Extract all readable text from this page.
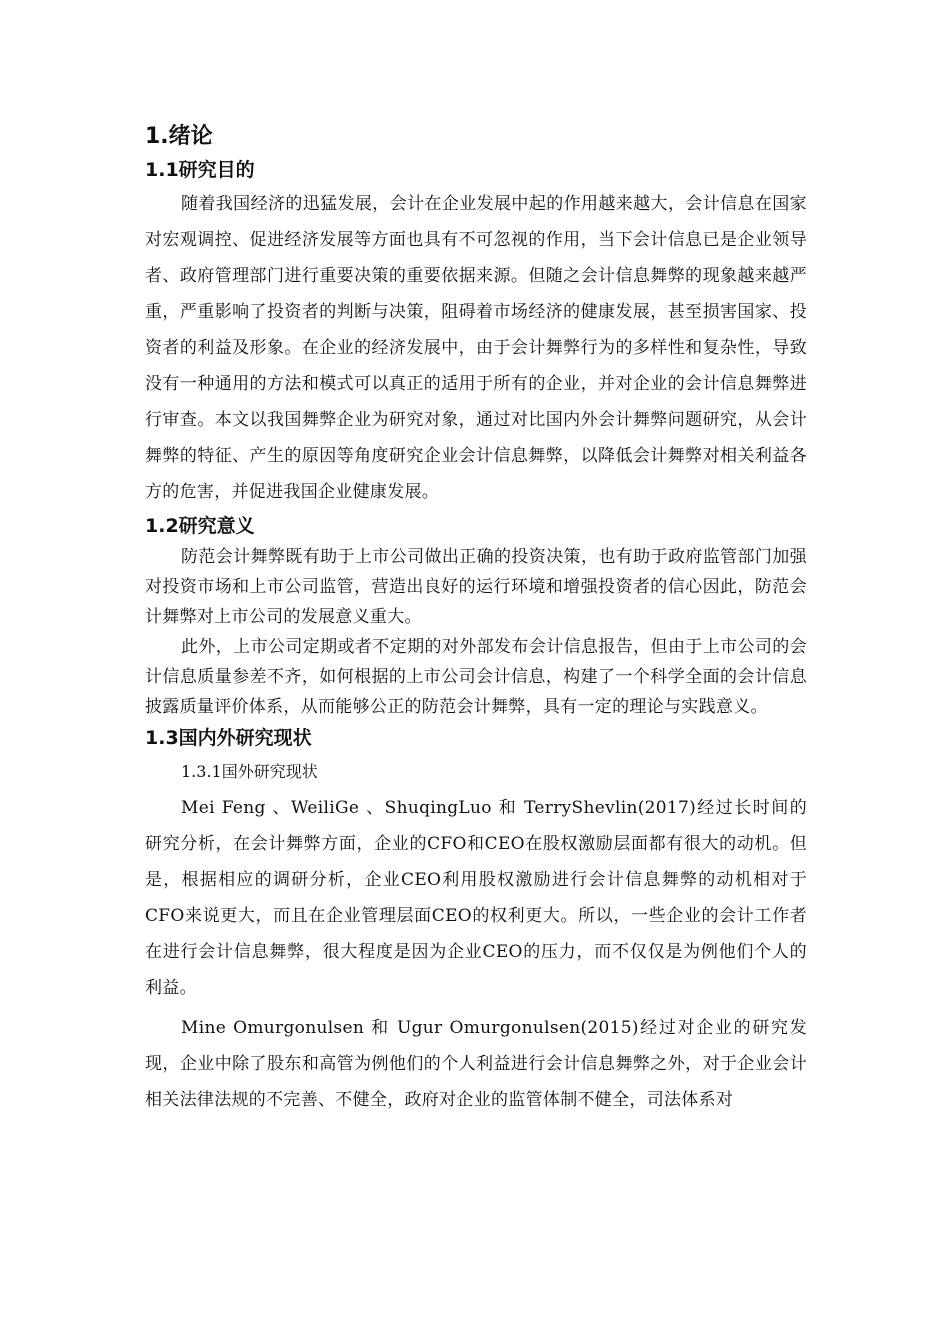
1.绪论
1.1研究目的

随着我国经济的迅猛发展，会计在企业发展中起的作用越来越大，会计信息在国家对宏观调控、促进经济发展等方面也具有不可忽视的作用，当下会计信息已是企业领导者、政府管理部门进行重要决策的重要依据来源。但随之会计信息舞弊的现象越来越严重，严重影响了投资者的判断与决策，阻碍着市场经济的健康发展，甚至损害国家、投资者的利益及形象。在企业的经济发展中，由于会计舞弊行为的多样性和复杂性，导致没有一种通用的方法和模式可以真正的适用于所有的企业，并对企业的会计信息舞弊进行审查。本文以我国舞弊企业为研究对象，通过对比国内外会计舞弊问题研究，从会计舞弊的特征、产生的原因等角度研究企业会计信息舞弊，以降低会计舞弊对相关利益各方的危害，并促进我国企业健康发展。

1.2研究意义

防范会计舞弊既有助于上市公司做出正确的投资决策，也有助于政府监管部门加强对投资市场和上市公司监管，营造出良好的运行环境和增强投资者的信心因此，防范会计舞弊对上市公司的发展意义重大。

此外，上市公司定期或者不定期的对外部发布会计信息报告，但由于上市公司的会计信息质量参差不齐，如何根据的上市公司会计信息，构建了一个科学全面的会计信息披露质量评价体系，从而能够公正的防范会计舞弊，具有一定的理论与实践意义。

1.3国内外研究现状
1.3.1国外研究现状

Mei Feng 、WeiliGe 、ShuqingLuo 和 TerryShevlin(2017)经过长时间的研究分析，在会计舞弊方面，企业的CFO和CEO在股权激励层面都有很大的动机。但是，根据相应的调研分析，企业CEO利用股权激励进行会计信息舞弊的动机相对于CFO来说更大，而且在企业管理层面CEO的权利更大。所以，一些企业的会计工作者在进行会计信息舞弊，很大程度是因为企业CEO的压力，而不仅仅是为例他们个人的利益。

Mine Omurgonulsen 和 Ugur Omurgonulsen(2015)经过对企业的研究发现，企业中除了股东和高管为例他们的个人利益进行会计信息舞弊之外，对于企业会计相关法律法规的不完善、不健全，政府对企业的监管体制不健全，司法体系对
